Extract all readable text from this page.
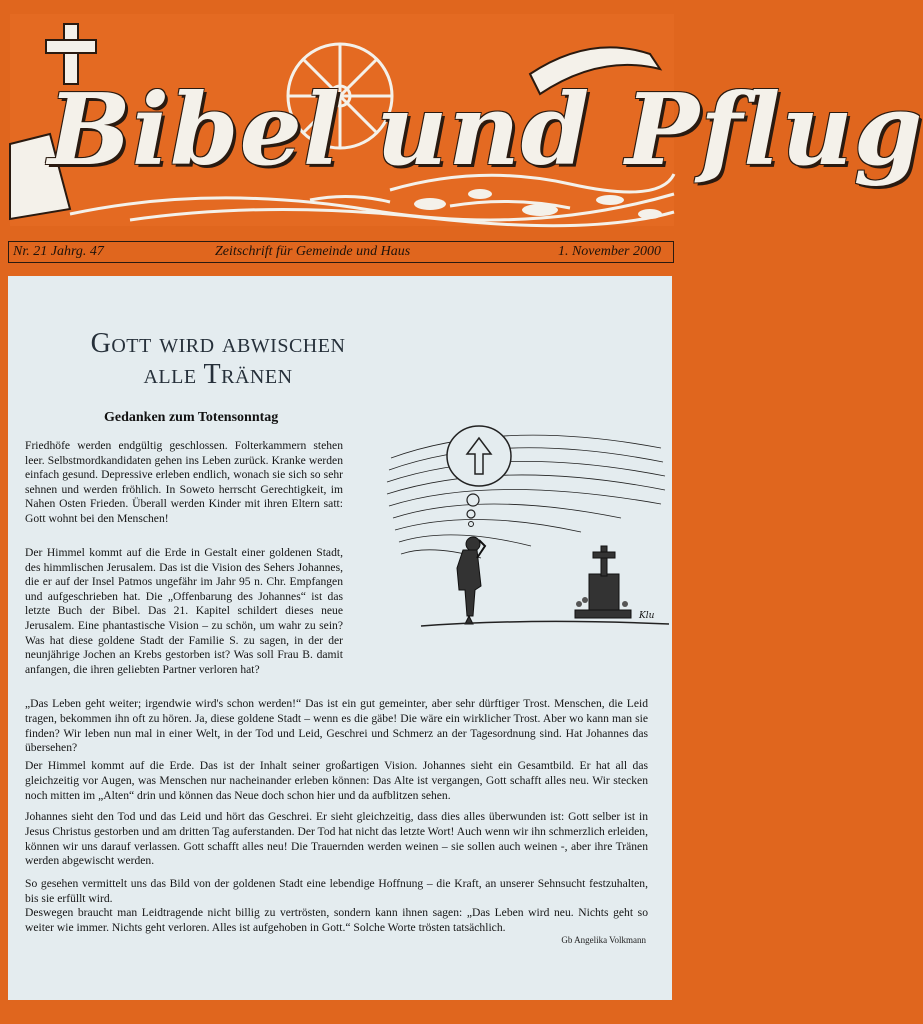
Bibel und Pflug
Nr. 21 Jahrg. 47	Zeitschrift für Gemeinde und Haus	1. November 2000
Gott wird abwischen
alle Tränen
Gedanken zum Totensonntag

Friedhöfe werden endgültig geschlossen. Folterkammern stehen leer. Selbstmordkandidaten gehen ins Leben zurück. Kranke werden einfach gesund. Depressive erleben endlich, wonach sie sich so sehr sehnen und werden fröhlich. In Soweto herrscht Gerechtigkeit, im Nahen Osten Frieden. Überall werden Kinder mit ihren Eltern satt: Gott wohnt bei den Menschen!

Der Himmel kommt auf die Erde in Gestalt einer goldenen Stadt, des himmlischen Jerusalem. Das ist die Vision des Sehers Johannes, die er auf der Insel Patmos ungefähr im Jahr 95 n. Chr. Empfangen und aufgeschrieben hat. Die „Offenbarung des Johannes“ ist das letzte Buch der Bibel. Das 21. Kapitel schildert dieses neue Jerusalem. Eine phantastische Vision – zu schön, um wahr zu sein? Was hat diese goldene Stadt der Familie S. zu sagen, in der der neunjährige Jochen an Krebs gestorben ist? Was soll Frau B. damit anfangen, die ihren geliebten Partner verloren hat?

„Das Leben geht weiter; irgendwie wird's schon werden!“ Das ist ein gut gemeinter, aber sehr dürftiger Trost. Menschen, die Leid tragen, bekommen ihn oft zu hören. Ja, diese goldene Stadt – wenn es die gäbe! Die wäre ein wirklicher Trost. Aber wo kann man sie finden? Wir leben nun mal in einer Welt, in der Tod und Leid, Geschrei und Schmerz an der Tagesordnung sind. Hat Johannes das übersehen?

Der Himmel kommt auf die Erde. Das ist der Inhalt seiner großartigen Vision. Johannes sieht ein Gesamtbild. Er hat all das gleichzeitig vor Augen, was Menschen nur nacheinander erleben können: Das Alte ist vergangen, Gott schafft alles neu. Wir stecken noch mitten im „Alten“ drin und können das Neue doch schon hier und da aufblitzen sehen.

Johannes sieht den Tod und das Leid und hört das Geschrei. Er sieht gleichzeitig, dass dies alles überwunden ist: Gott selber ist in Jesus Christus gestorben und am dritten Tag auferstanden. Der Tod hat nicht das letzte Wort! Auch wenn wir ihn schmerzlich erleiden, können wir uns darauf verlassen. Gott schafft alles neu! Die Trauernden werden weinen – sie sollen auch weinen -, aber ihre Tränen werden abgewischt werden.

So gesehen vermittelt uns das Bild von der goldenen Stadt eine lebendige Hoffnung – die Kraft, an unserer Sehnsucht festzuhalten, bis sie erfüllt wird.

Deswegen braucht man Leidtragende nicht billig zu vertrösten, sondern kann ihnen sagen: „Das Leben wird neu. Nichts geht so weiter wie immer. Nichts geht verloren. Alles ist aufgehoben in Gott.“ Solche Worte trösten tatsächlich.

Gb Angelika Volkmann
Klu
